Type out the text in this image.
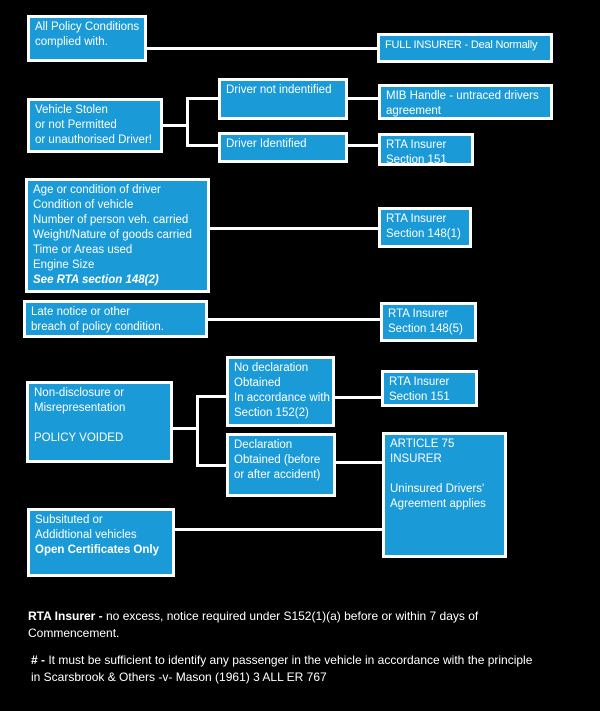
All Policy Conditions
complied with.	FULL INSURER - Deal Normally
Vehicle Stolen
or not Permitted
or unauthorised Driver!
Driver not indentified
Driver Identified
MIB Handle - untraced drivers
agreement
RTA Insurer
Section 151
Age or condition of driver
Condition of vehicle
Number of person veh. carried
Weight/Nature of goods carried
Time or Areas used
Engine Size
See RTA section 148(2)
RTA Insurer
Section 148(1)
Late notice or other
breach of policy condition.
RTA Insurer
Section 148(5)
Non-disclosure or
Misrepresentation
POLICY VOIDED
No declaration
Obtained
In accordance with
Section 152(2)
Declaration
Obtained (before
or after accident)
RTA Insurer
Section 151
ARTICLE 75
INSURER
Uninsured Drivers'
Agreement applies
Subsituted or
Addidtional vehicles
Open Certificates Only
RTA Insurer - no excess, notice required under S152(1)(a) before or within 7 days of
Commencement.
# - It must be sufficient to identify any passenger in the vehicle in accordance with the principle
in Scarsbrook & Others -v- Mason (1961) 3 ALL ER 767
